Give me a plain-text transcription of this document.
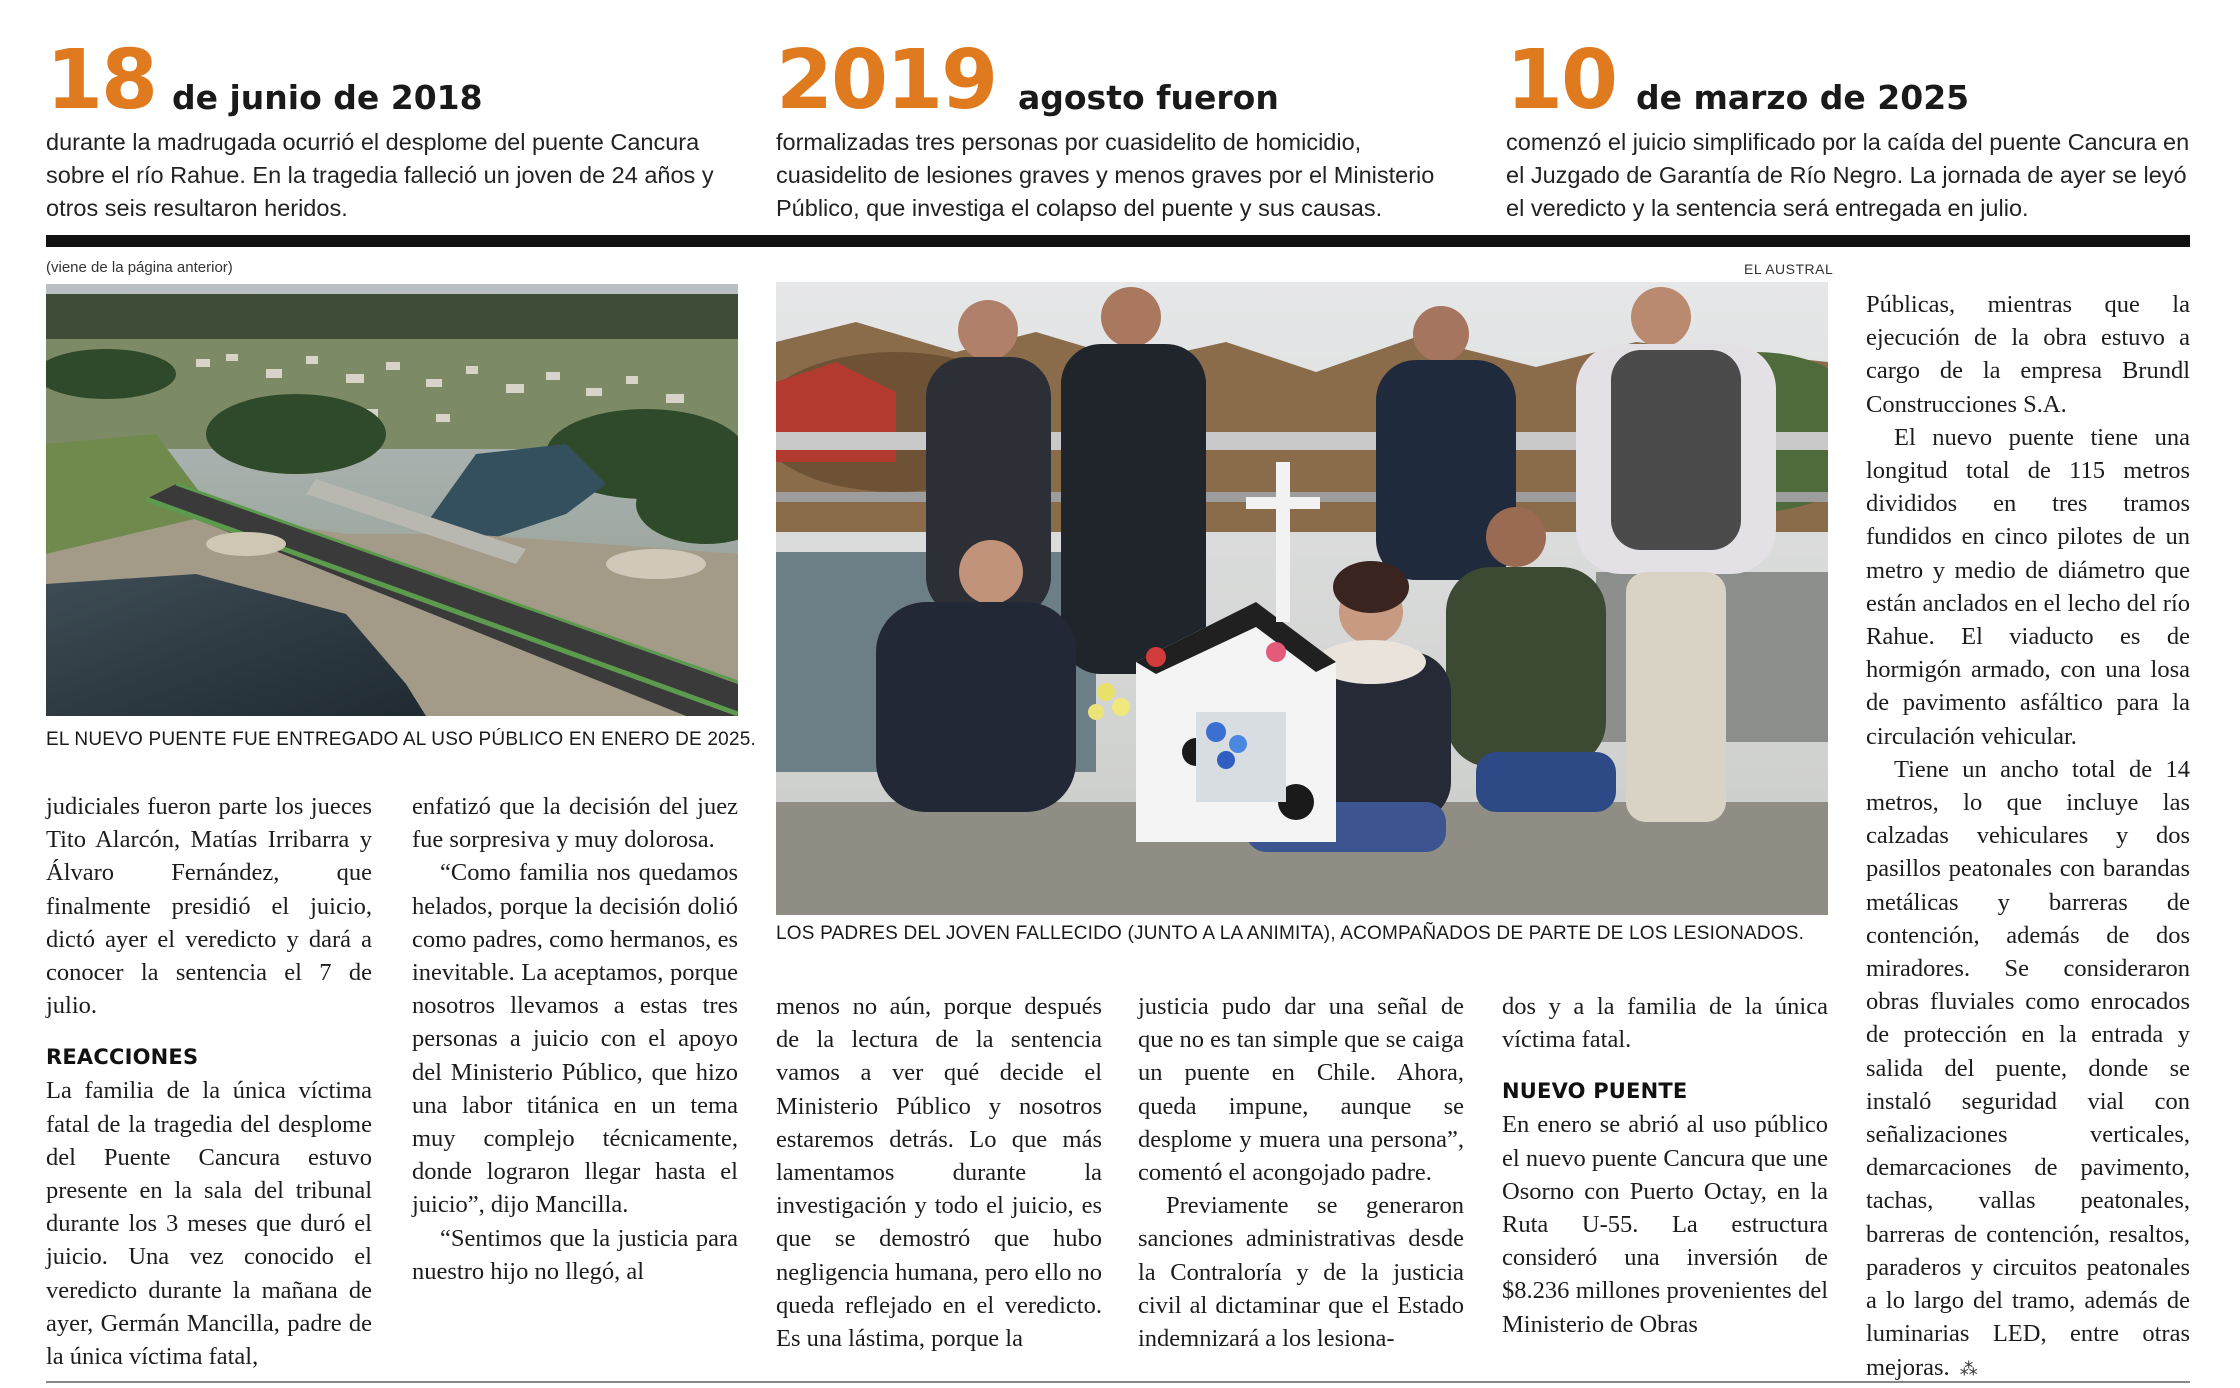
18 de junio de 2018
durante la madrugada ocurrió el desplome del puente Cancura sobre el río Rahue. En la tragedia falleció un joven de 24 años y otros seis resultaron heridos.
2019 agosto fueron
formalizadas tres personas por cuasidelito de homicidio, cuasidelito de lesiones graves y menos graves por el Ministerio Público, que investiga el colapso del puente y sus causas.
10 de marzo de 2025
comenzó el juicio simplificado por la caída del puente Cancura en el Juzgado de Garantía de Río Negro. La jornada de ayer se leyó el veredicto y la sentencia será entregada en julio.
(viene de la página anterior)	EL AUSTRAL
EL NUEVO PUENTE FUE ENTREGADO AL USO PÚBLICO EN ENERO DE 2025.
LOS PADRES DEL JOVEN FALLECIDO (JUNTO A LA ANIMITA), ACOMPAÑADOS DE PARTE DE LOS LESIONADOS.

judiciales fueron parte los jueces Tito Alarcón, Matías Irribarra y Álvaro Fernández, que finalmente presidió el juicio, dictó ayer el veredicto y dará a conocer la sentencia el 7 de julio.

REACCIONES

La familia de la única víctima fatal de la tragedia del desplome del Puente Cancura estuvo presente en la sala del tribunal durante los 3 meses que duró el juicio. Una vez conocido el veredicto durante la mañana de ayer, Germán Mancilla, padre de la única víctima fatal,

enfatizó que la decisión del juez fue sorpresiva y muy dolorosa.

“Como familia nos quedamos helados, porque la decisión dolió como padres, como hermanos, es inevitable. La aceptamos, porque nosotros llevamos a estas tres personas a juicio con el apoyo del Ministerio Público, que hizo una labor titánica en un tema muy complejo técnicamente, donde lograron llegar hasta el juicio”, dijo Mancilla.

“Sentimos que la justicia para nuestro hijo no llegó, al

menos no aún, porque después de la lectura de la sentencia vamos a ver qué decide el Ministerio Público y nosotros estaremos detrás. Lo que más lamentamos durante la investigación y todo el juicio, es que se demostró que hubo negligencia humana, pero ello no queda reflejado en el veredicto. Es una lástima, porque la

justicia pudo dar una señal de que no es tan simple que se caiga un puente en Chile. Ahora, queda impune, aunque se desplome y muera una persona”, comentó el acongojado padre.

Previamente se generaron sanciones administrativas desde la Contraloría y de la justicia civil al dictaminar que el Estado indemnizará a los lesiona-

dos y a la familia de la única víctima fatal.

NUEVO PUENTE

En enero se abrió al uso público el nuevo puente Cancura que une Osorno con Puerto Octay, en la Ruta U-55. La estructura consideró una inversión de $8.236 millones provenientes del Ministerio de Obras

Públicas, mientras que la ejecución de la obra estuvo a cargo de la empresa Brundl Construcciones S.A.

El nuevo puente tiene una longitud total de 115 metros divididos en tres tramos fundidos en cinco pilotes de un metro y medio de diámetro que están anclados en el lecho del río Rahue. El viaducto es de hormigón armado, con una losa de pavimento asfáltico para la circulación vehicular.

Tiene un ancho total de 14 metros, lo que incluye las calzadas vehiculares y dos pasillos peatonales con barandas metálicas y barreras de contención, además de dos miradores. Se consideraron obras fluviales como enrocados de protección en la entrada y salida del puente, donde se instaló seguridad vial con señalizaciones verticales, demarcaciones de pavimento, tachas, vallas peatonales, barreras de contención, resaltos, paraderos y circuitos peatonales a lo largo del tramo, además de luminarias LED, entre otras mejoras. ⁂
